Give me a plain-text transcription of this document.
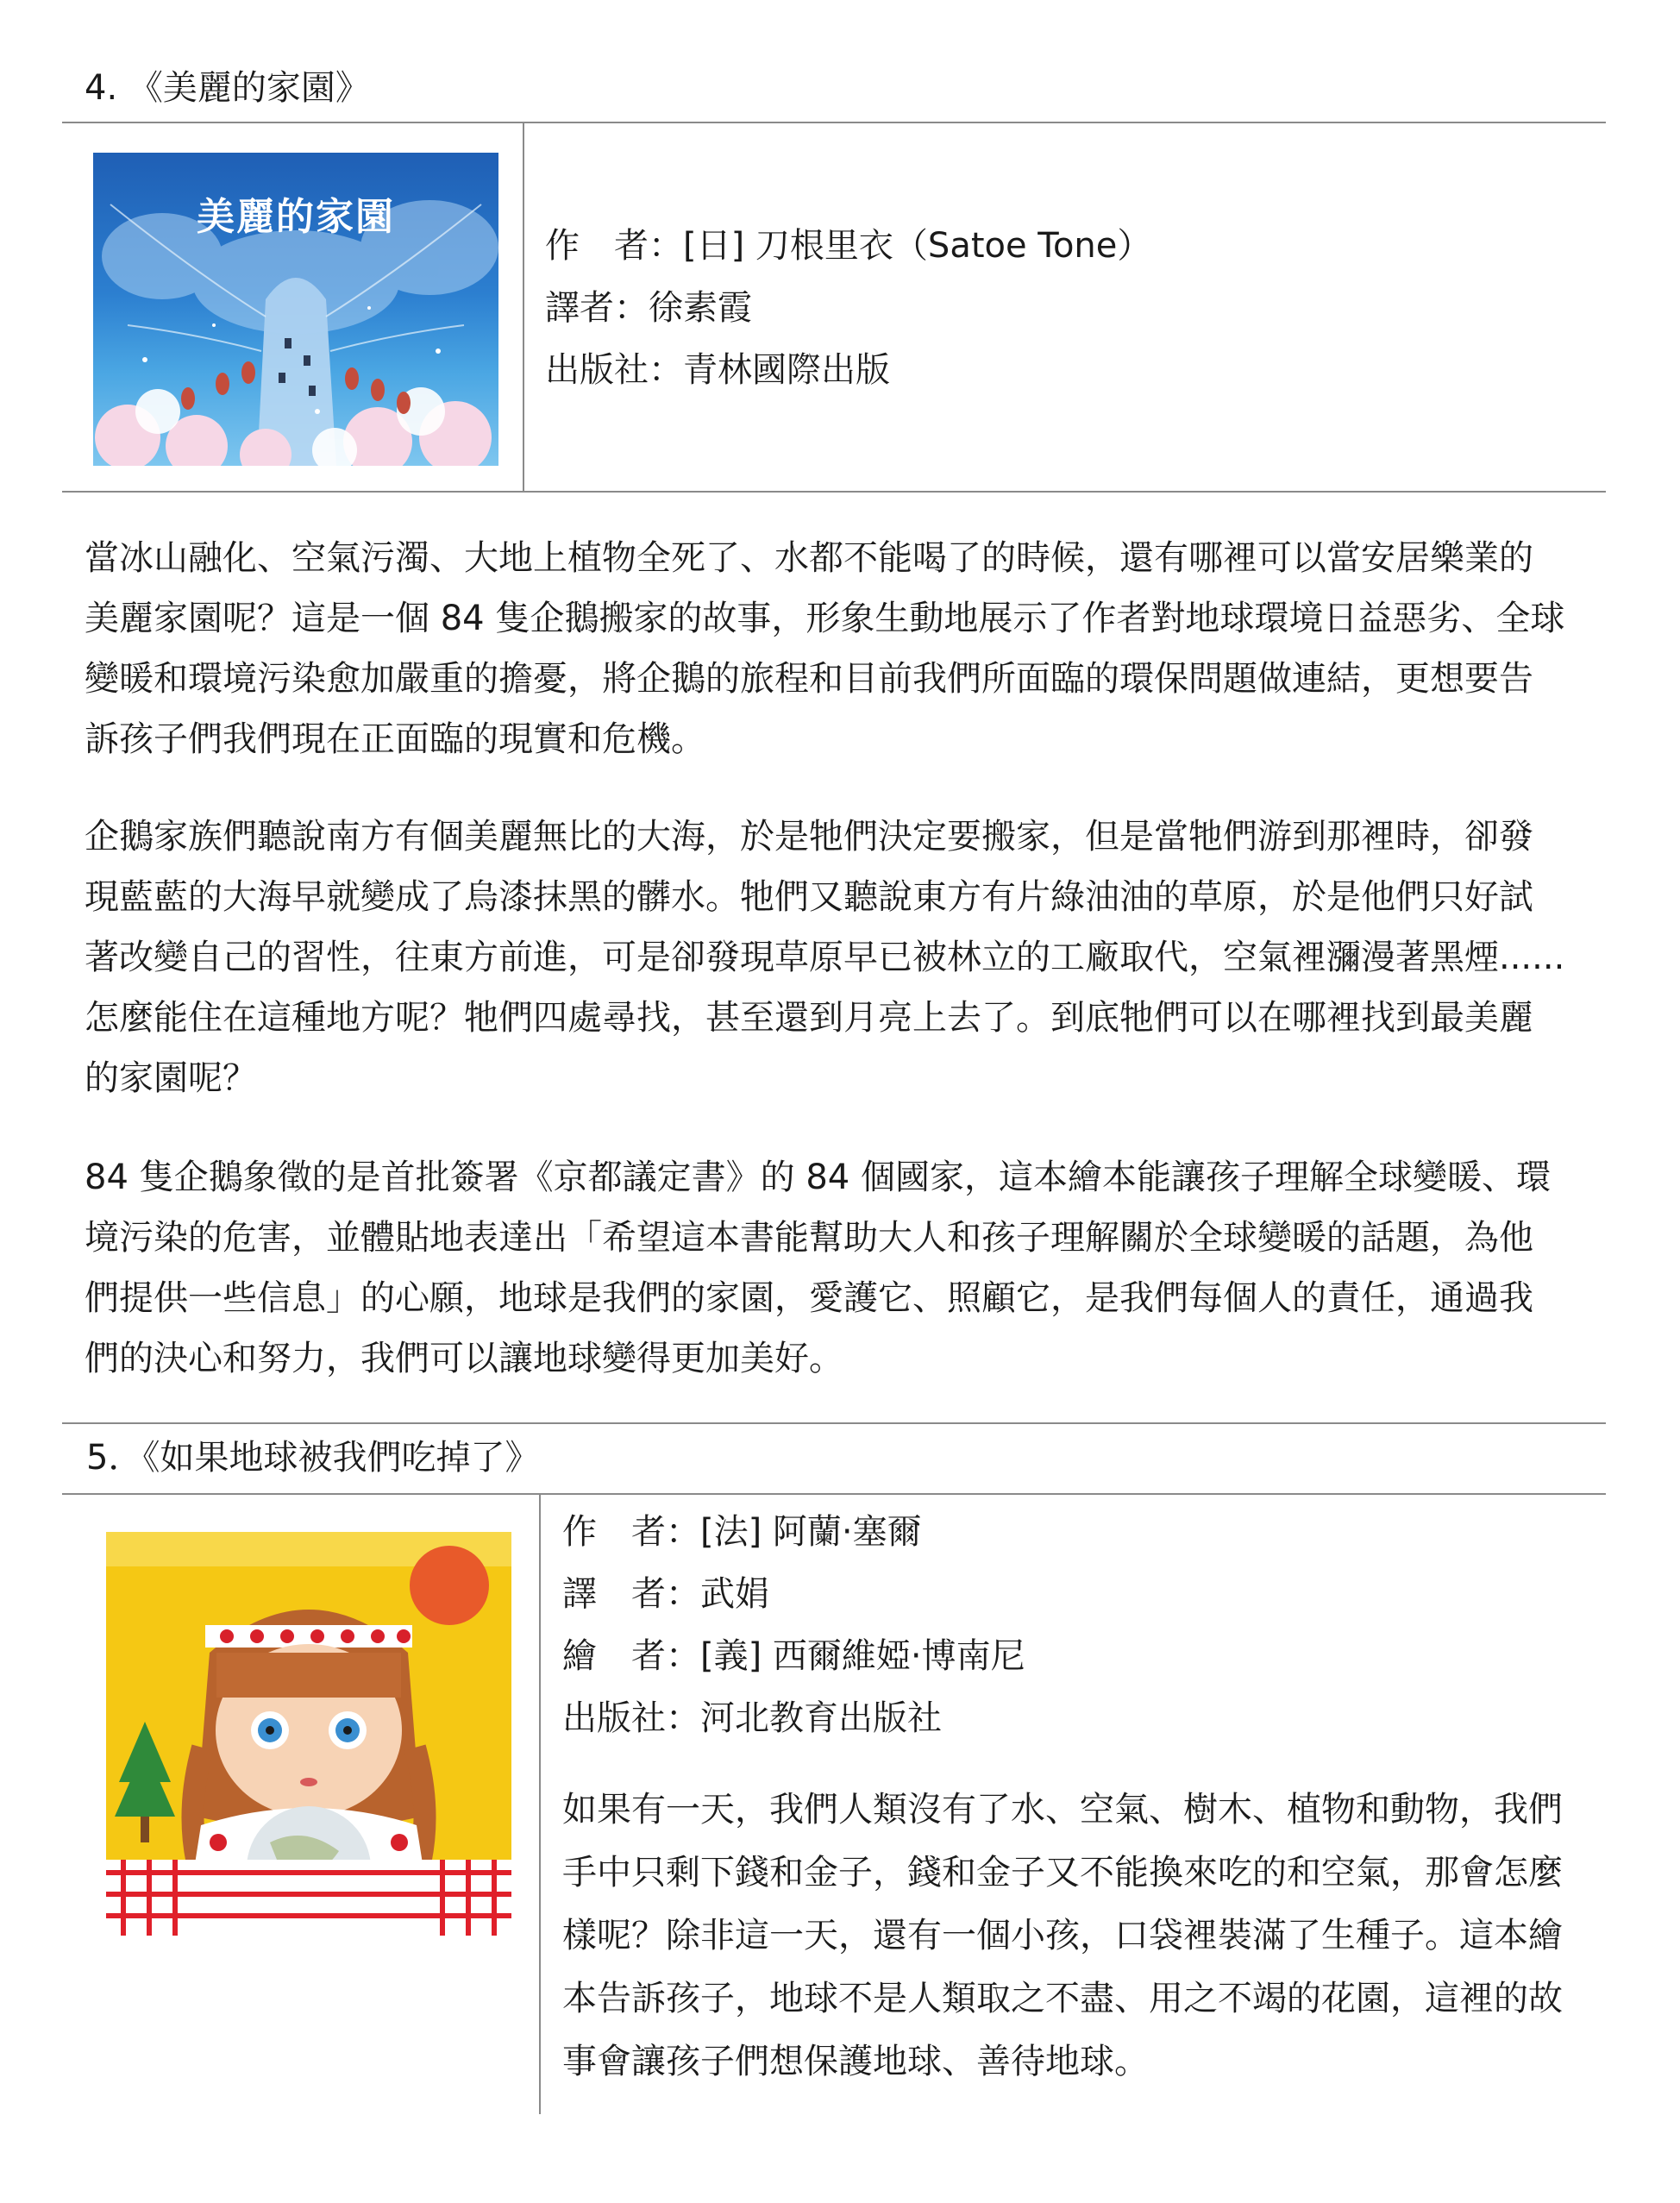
4. 《美麗的家園》
美麗的家園
作　者：[日] 刀根里衣（Satoe Tone）
譯者：徐素霞
出版社：青林國際出版
當冰山融化、空氣污濁、大地上植物全死了、水都不能喝了的時候，還有哪裡可以當安居樂業的
美麗家園呢？這是一個 84 隻企鵝搬家的故事，形象生動地展示了作者對地球環境日益惡劣、全球
變暖和環境污染愈加嚴重的擔憂，將企鵝的旅程和目前我們所面臨的環保問題做連結，更想要告
訴孩子們我們現在正面臨的現實和危機。
企鵝家族們聽說南方有個美麗無比的大海，於是牠們決定要搬家，但是當牠們游到那裡時，卻發
現藍藍的大海早就變成了烏漆抹黑的髒水。牠們又聽說東方有片綠油油的草原，於是他們只好試
著改變自己的習性，往東方前進，可是卻發現草原早已被林立的工廠取代，空氣裡瀰漫著黑煙......
怎麼能住在這種地方呢？牠們四處尋找，甚至還到月亮上去了。到底牠們可以在哪裡找到最美麗
的家園呢？
84 隻企鵝象徵的是首批簽署《京都議定書》的 84 個國家，這本繪本能讓孩子理解全球變暖、環
境污染的危害，並體貼地表達出「希望這本書能幫助大人和孩子理解關於全球變暖的話題，為他
們提供一些信息」的心願，地球是我們的家園，愛護它、照顧它，是我們每個人的責任，通過我
們的決心和努力，我們可以讓地球變得更加美好。
5．《如果地球被我們吃掉了》
作　者：[法] 阿蘭·塞爾
譯　者：武娟
繪　者：[義] 西爾維婭·博南尼
出版社：河北教育出版社
如果有一天，我們人類沒有了水、空氣、樹木、植物和動物，我們
手中只剩下錢和金子，錢和金子又不能換來吃的和空氣，那會怎麼
樣呢？除非這一天，還有一個小孩，口袋裡裝滿了生種子。這本繪
本告訴孩子，地球不是人類取之不盡、用之不竭的花園，這裡的故
事會讓孩子們想保護地球、善待地球。
